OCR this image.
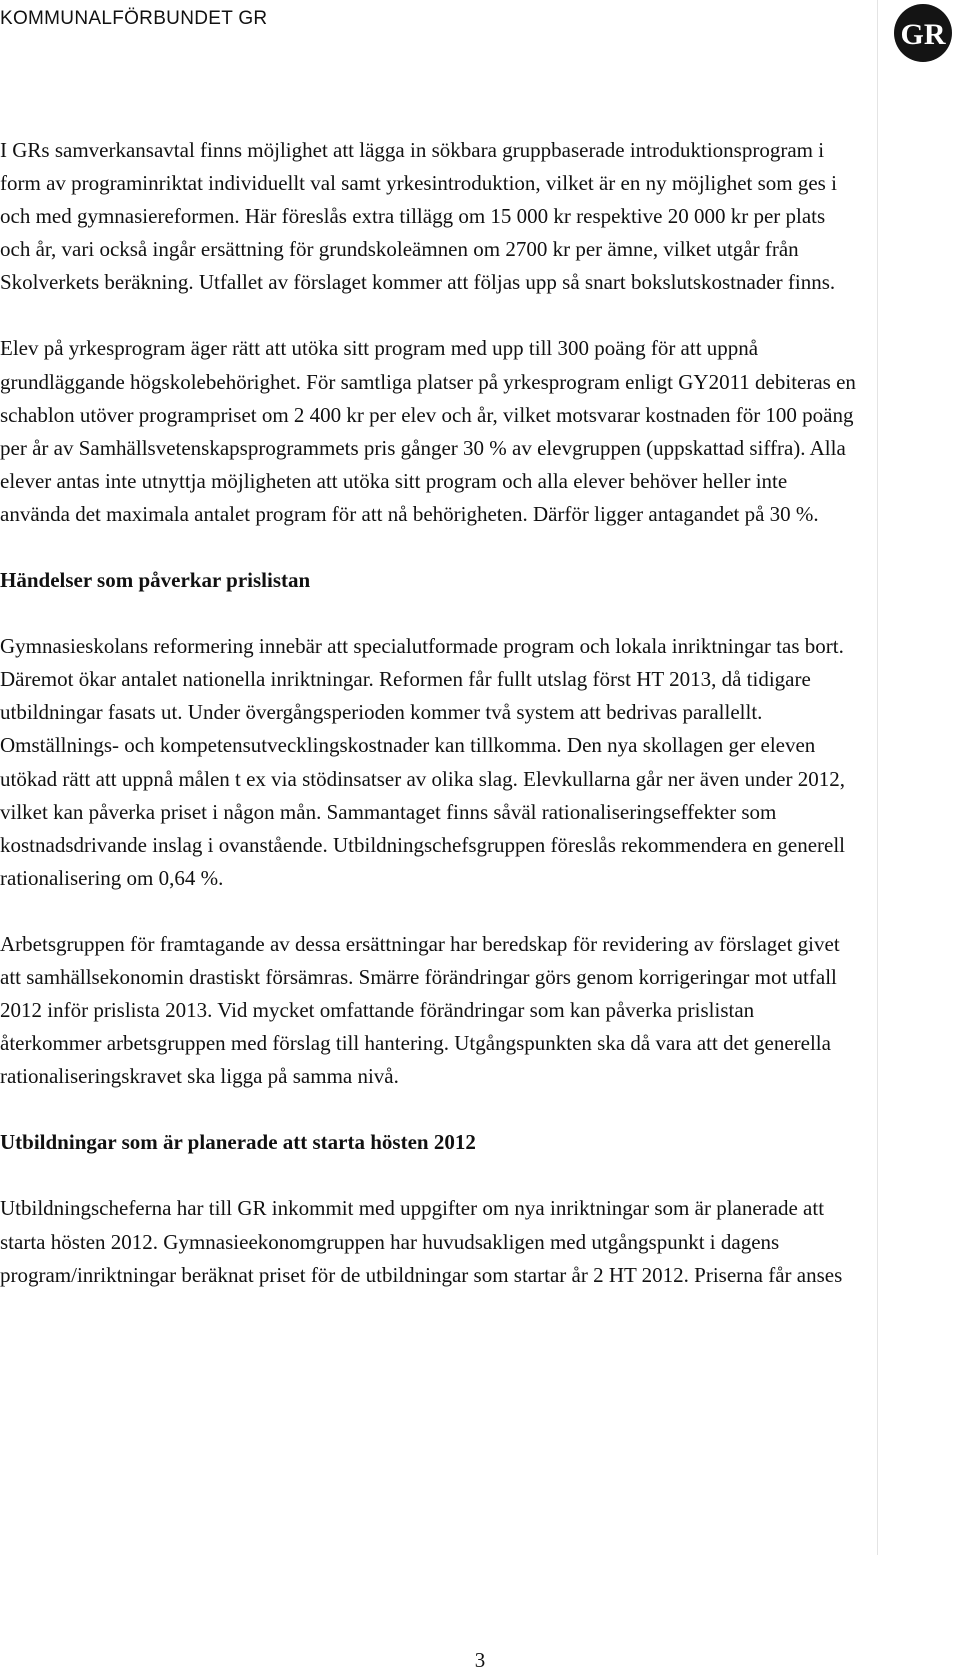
KOMMUNALFÖRBUNDET GR	GR

I GRs samverkansavtal finns möjlighet att lägga in sökbara gruppbaserade introduktionsprogram i form av programinriktat individuellt val samt yrkesintroduktion, vilket är en ny möjlighet som ges i och med gymnasiereformen. Här föreslås extra tillägg om 15 000 kr respektive 20 000 kr per plats och år, vari också ingår ersättning för grundskoleämnen om 2700 kr per ämne, vilket utgår från Skolverkets beräkning. Utfallet av förslaget kommer att följas upp så snart bokslutskostnader finns.

Elev på yrkesprogram äger rätt att utöka sitt program med upp till 300 poäng för att uppnå grundläggande högskolebehörighet. För samtliga platser på yrkesprogram enligt GY2011 debiteras en schablon utöver programpriset om 2 400 kr per elev och år, vilket motsvarar kostnaden för 100 poäng per år av Samhällsvetenskapsprogrammets pris gånger 30 % av elevgruppen (uppskattad siffra). Alla elever antas inte utnyttja möjligheten att utöka sitt program och alla elever behöver heller inte använda det maximala antalet program för att nå behörigheten. Därför ligger antagandet på 30 %.

Händelser som påverkar prislistan

Gymnasieskolans reformering innebär att specialutformade program och lokala inriktningar tas bort. Däremot ökar antalet nationella inriktningar. Reformen får fullt utslag först HT 2013, då tidigare utbildningar fasats ut. Under övergångsperioden kommer två system att bedrivas parallellt. Omställnings- och kompetensutvecklingskostnader kan tillkomma. Den nya skollagen ger eleven utökad rätt att uppnå målen t ex via stödinsatser av olika slag. Elevkullarna går ner även under 2012, vilket kan påverka priset i någon mån. Sammantaget finns såväl rationaliseringseffekter som kostnadsdrivande inslag i ovanstående. Utbildningschefsgruppen föreslås rekommendera en generell rationalisering om 0,64 %.

Arbetsgruppen för framtagande av dessa ersättningar har beredskap för revidering av förslaget givet att samhällsekonomin drastiskt försämras. Smärre förändringar görs genom korrigeringar mot utfall 2012 inför prislista 2013. Vid mycket omfattande förändringar som kan påverka prislistan återkommer arbetsgruppen med förslag till hantering. Utgångspunkten ska då vara att det generella rationaliseringskravet ska ligga på samma nivå.

Utbildningar som är planerade att starta hösten 2012

Utbildningscheferna har till GR inkommit med uppgifter om nya inriktningar som är planerade att starta hösten 2012. Gymnasieekonomgruppen har huvudsakligen med utgångspunkt i dagens program/inriktningar beräknat priset för de utbildningar som startar år 2 HT 2012. Priserna får anses

3
